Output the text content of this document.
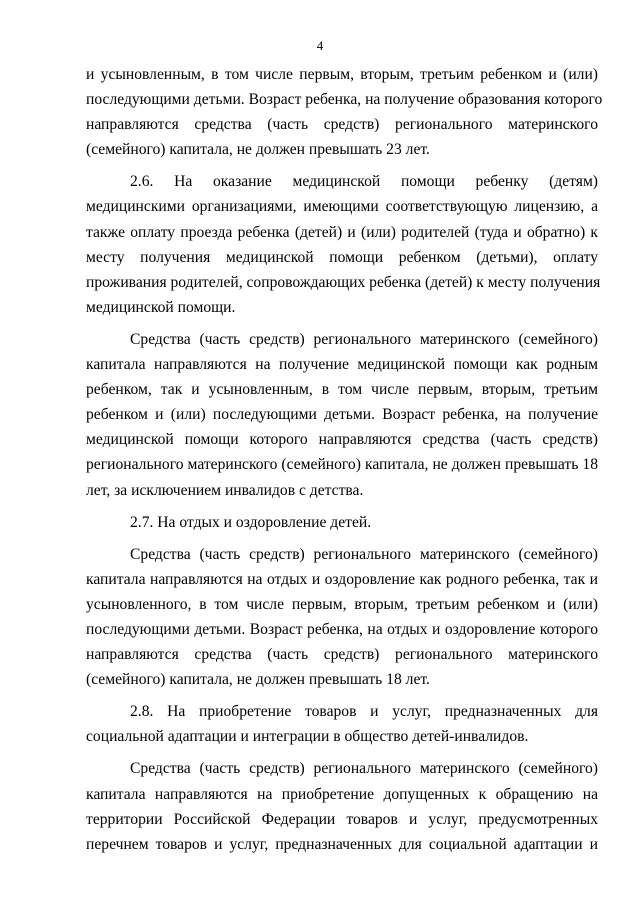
4
и усыновленным, в том числе первым, вторым, третьим ребенком и (или)
последующими детьми. Возраст ребенка, на получение образования которого
направляются средства (часть средств) регионального материнского
(семейного) капитала, не должен превышать 23 лет.
2.6. На оказание медицинской помощи ребенку (детям)
медицинскими организациями, имеющими соответствующую лицензию, а
также оплату проезда ребенка (детей) и (или) родителей (туда и обратно) к
месту получения медицинской помощи ребенком (детьми), оплату
проживания родителей, сопровождающих ребенка (детей) к месту получения
медицинской помощи.
Средства (часть средств) регионального материнского (семейного)
капитала направляются на получение медицинской помощи как родным
ребенком, так и усыновленным, в том числе первым, вторым, третьим
ребенком и (или) последующими детьми. Возраст ребенка, на получение
медицинской помощи которого направляются средства (часть средств)
регионального материнского (семейного) капитала, не должен превышать 18
лет, за исключением инвалидов с детства.
2.7. На отдых и оздоровление детей.
Средства (часть средств) регионального материнского (семейного)
капитала направляются на отдых и оздоровление как родного ребенка, так и
усыновленного, в том числе первым, вторым, третьим ребенком и (или)
последующими детьми. Возраст ребенка, на отдых и оздоровление которого
направляются средства (часть средств) регионального материнского
(семейного) капитала, не должен превышать 18 лет.
2.8. На приобретение товаров и услуг, предназначенных для
социальной адаптации и интеграции в общество детей-инвалидов.
Средства (часть средств) регионального материнского (семейного)
капитала направляются на приобретение допущенных к обращению на
территории Российской Федерации товаров и услуг, предусмотренных
перечнем товаров и услуг, предназначенных для социальной адаптации и
